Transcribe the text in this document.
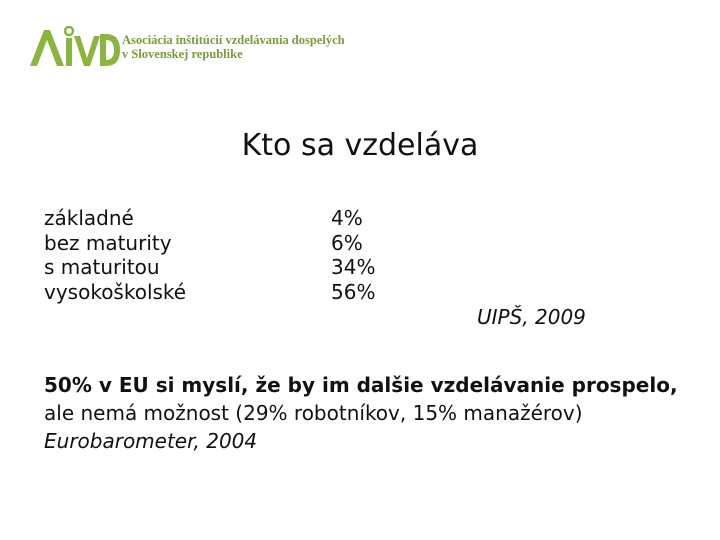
Asociácia inštitúcií vzdelávania dospelých
v Slovenskej republike
Kto sa vzdeláva
základné
bez maturity
s maturitou
vysokoškolské
4%
6%
34%
56%
UIPŠ, 2009
50% v EU si myslí, že by im dalšie vzdelávanie prospelo,
ale nemá možnost (29% robotníkov, 15% manažérov)
Eurobarometer, 2004
